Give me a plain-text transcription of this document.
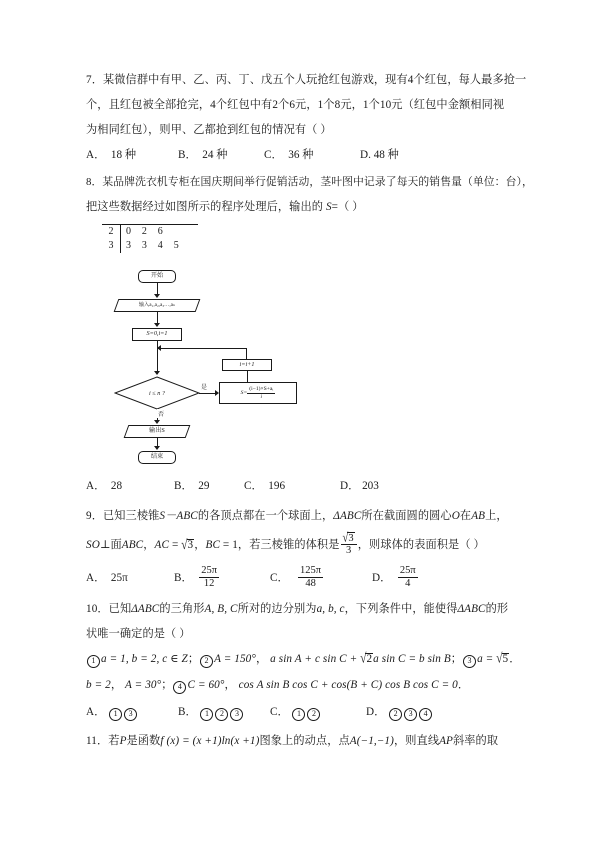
7．某微信群中有甲、乙、丙、丁、戊五个人玩抢红包游戏，现有4个红包，每人最多抢一
个，且红包被全部抢完，4个红包中有2个6元，1个8元，1个10元（红包中金额相同视
为相同红包），则甲、乙都抢到红包的情况有（ ）
A． 18 种	B． 24 种	C． 36 种	D. 48 种
8．某品牌洗衣机专柜在国庆期间举行促销活动，茎叶图中记录了每天的销售量（单位：台），
把这些数据经过如图所示的程序处理后，输出的 S=（ ）
2	0 2 6
3	3 3 4 5
开始
输入a₁,a₂,a₃…,aₙ
S=0,i=1
i=i+1
i ≤ n ?
是
$S= \frac{\text{(i−1)×S+aᵢ}}{i}$
否
输出S
结束
A． 28	B． 29	C． 196	D． 203
9．已知三棱锥S－ABC的各顶点都在一个球面上，ΔABC所在截面圆的圆心O在AB上，
SO⊥面ABC，AC = √3，BC = 1，若三棱锥的体积是 $\frac{√3}{3}$ ，则球体的表面积是（ ）
A． 25π	B． $\frac{25\pi}{12}$	C． $\frac{125\pi}{48}$	D． $\frac{25\pi}{4}$
10．已知ΔABC的三角形A, B, C所对的边分别为a, b, c，下列条件中，能使得ΔABC的形
状唯一确定的是（ ）
1 a = 1, b = 2, c ∈ Z； 2 A = 150°， a sin A + c sin C + √2a sin C = b sin B； 3 a = √5．
b = 2， A = 30°； 4 C = 60°， cos A sin B cos C + cos(B + C) cos B cos C = 0．
A． 1 3	B． 1 2 3	C． 1 2	D． 2 3 4
11．若P是函数f (x) = (x +1)ln(x +1)图象上的动点，点A(−1,−1)，则直线AP斜率的取
